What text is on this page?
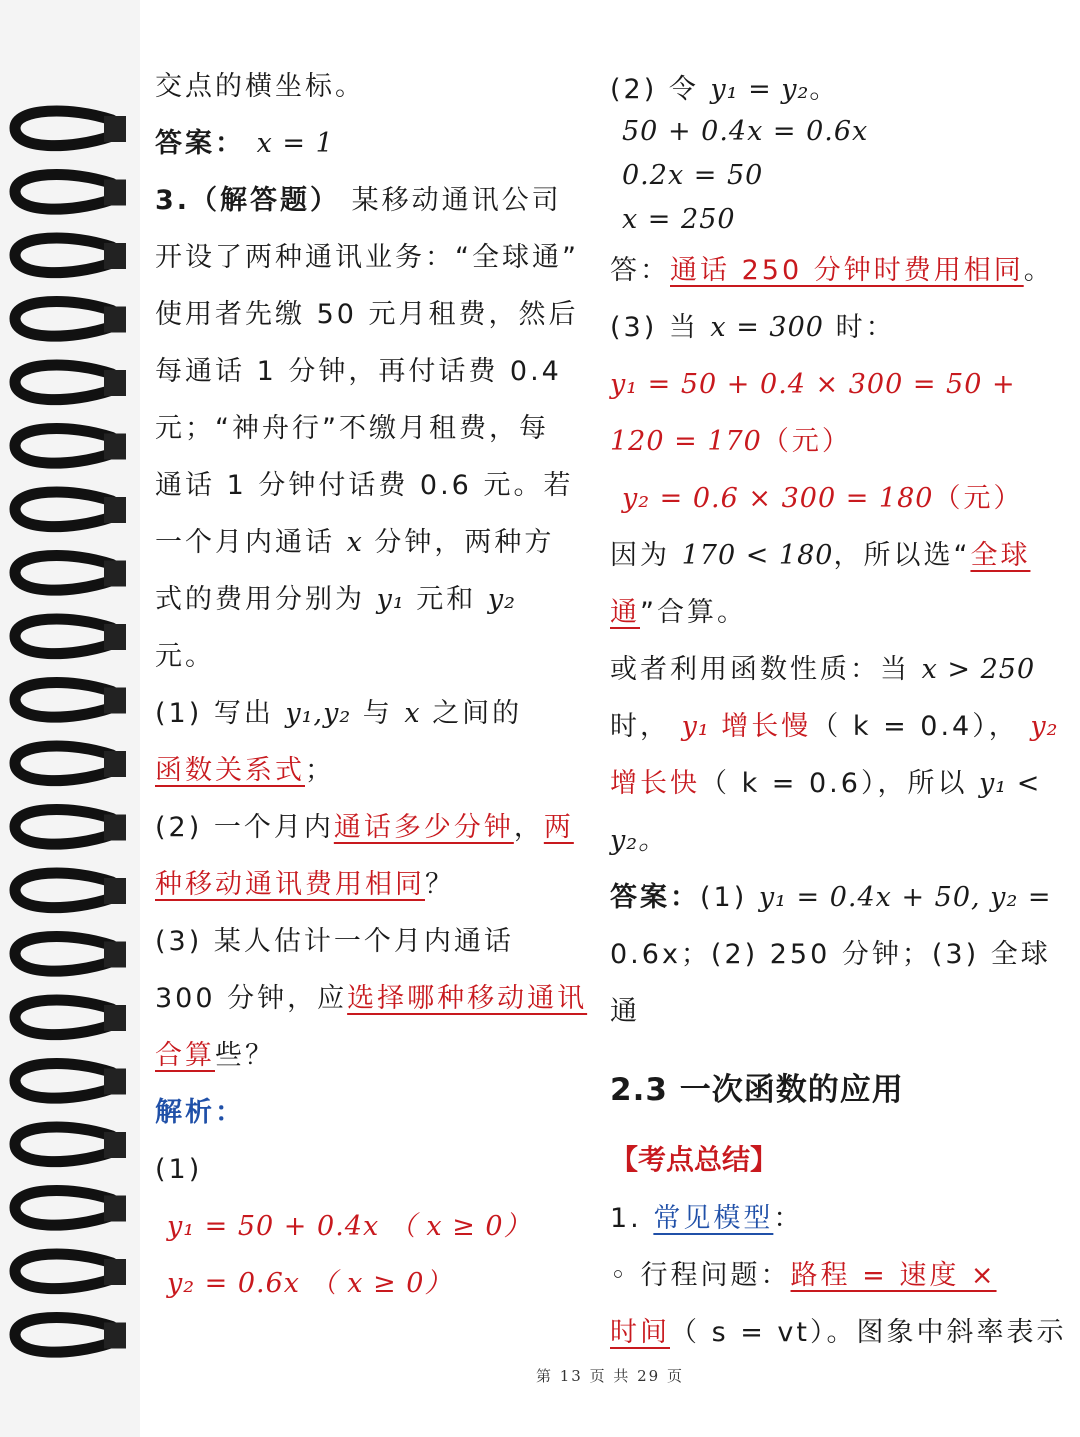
交点的横坐标。
答案： x = 1
3.（解答题） 某移动通讯公司
开设了两种通讯业务：“全球通”
使用者先缴 50 元月租费，然后
每通话 1 分钟，再付话费 0.4
元；“神舟行”不缴月租费，每
通话 1 分钟付话费 0.6 元。若
一个月内通话 x 分钟，两种方
式的费用分别为 y₁ 元和 y₂
元。
(1) 写出 y₁,y₂ 与 x 之间的
函数关系式；
(2) 一个月内通话多少分钟，两
种移动通讯费用相同？
(3) 某人估计一个月内通话
300 分钟，应选择哪种移动通讯
合算些？
解析：
(1)
y₁ = 50 + 0.4x （ x ≥ 0）
y₂ = 0.6x （ x ≥ 0）
(2) 令 y₁ = y₂。
50 + 0.4x = 0.6x
0.2x = 50
x = 250
答：通话 250 分钟时费用相同。
(3) 当 x = 300 时：
y₁ = 50 + 0.4 × 300 = 50 +
120 = 170（元）
y₂ = 0.6 × 300 = 180（元）
因为 170 < 180，所以选“全球
通”合算。
或者利用函数性质：当 x > 250
时， y₁ 增长慢（ k = 0.4）， y₂
增长快（ k = 0.6），所以 y₁ <
y₂。
答案：(1) y₁ = 0.4x + 50, y₂ =
0.6x；(2) 250 分钟；(3) 全球
通
2.3 一次函数的应用
【考点总结】
1. 常见模型：
◦ 行程问题：路程 = 速度 ×
时间（ s = vt）。图象中斜率表示
第 13 页 共 29 页
